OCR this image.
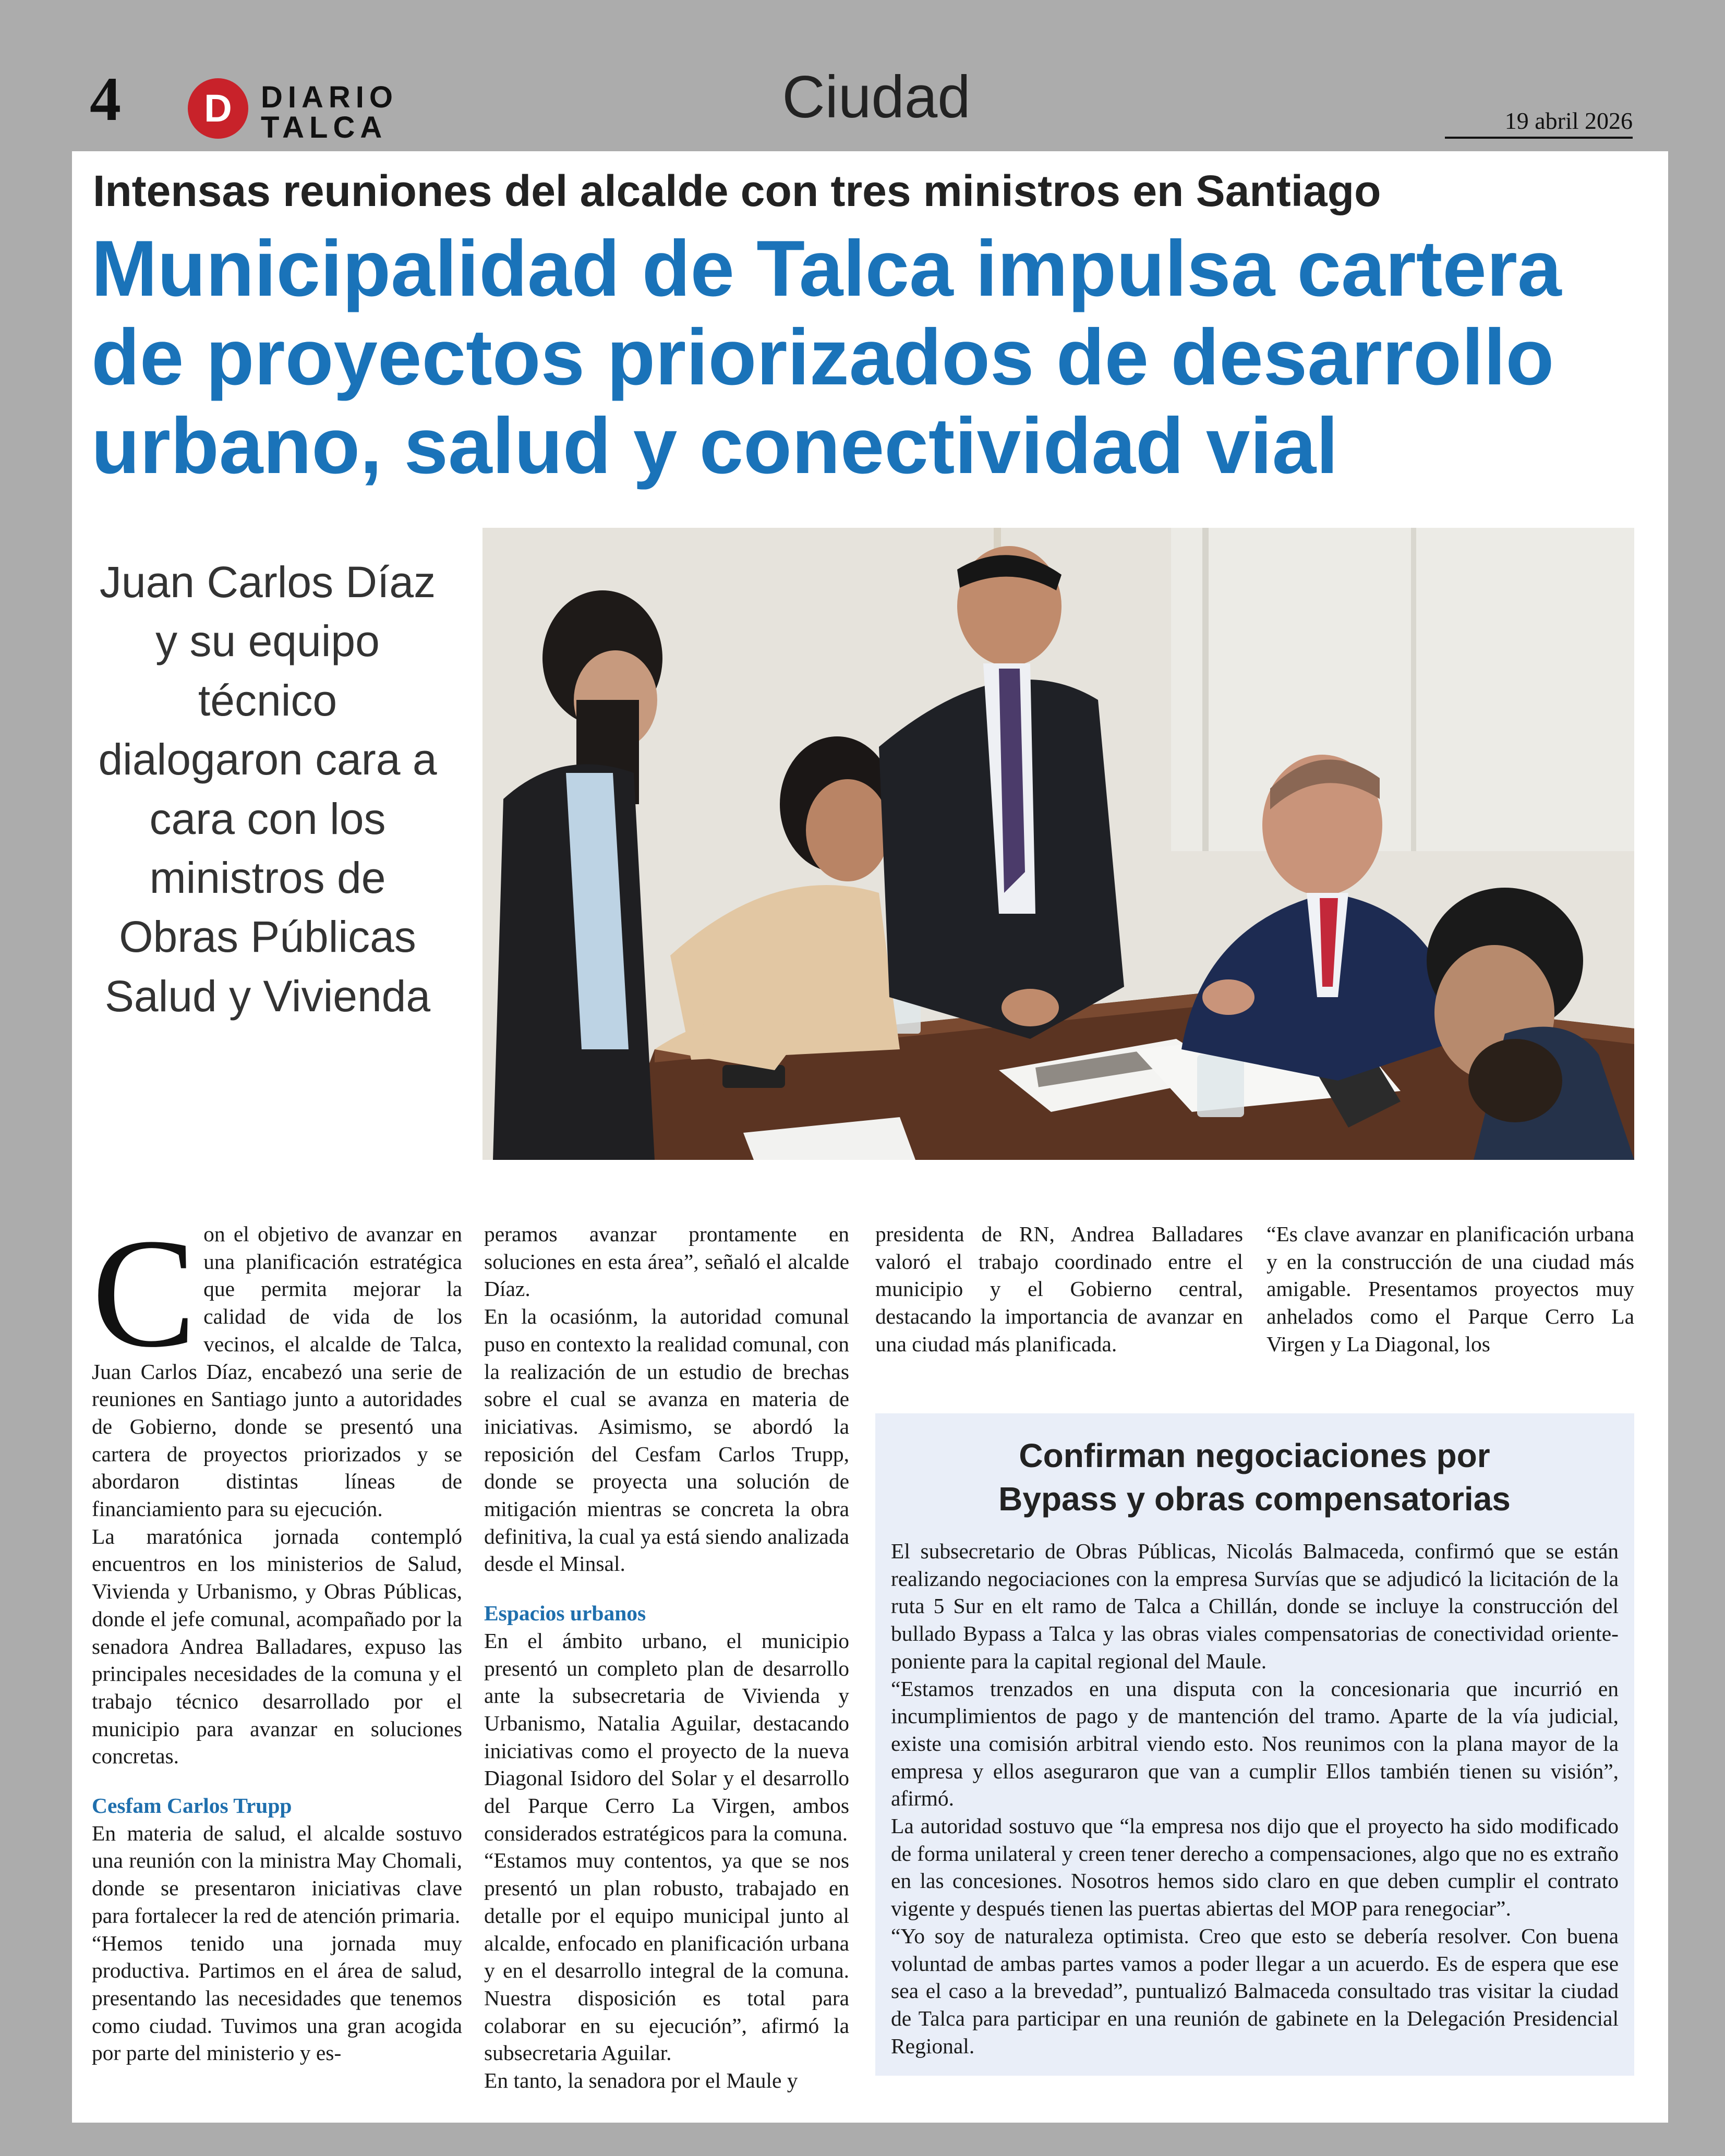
4	D DIARIO
TALCA	Ciudad	19 abril 2026
Intensas reuniones del alcalde con tres ministros en Santiago
Municipalidad de Talca impulsa cartera de proyectos priorizados de desarrollo urbano, salud y conectividad vial
Juan Carlos Díaz y su equipo técnico dialogaron cara a cara con los ministros de Obras Públicas Salud y Vivienda

Con el objetivo de avanzar en una planificación estratégica que permita mejorar la calidad de vida de los vecinos, el alcalde de Talca, Juan Carlos Díaz, encabezó una serie de reuniones en Santiago junto a autoridades de Gobierno, donde se presentó una cartera de proyectos priorizados y se abordaron distintas líneas de financiamiento para su ejecución.

La maratónica jornada contempló encuentros en los ministerios de Salud, Vivienda y Urbanismo, y Obras Públicas, donde el jefe comunal, acompañado por la senadora Andrea Balladares, expuso las principales necesidades de la comuna y el trabajo técnico desarrollado por el municipio para avanzar en soluciones concretas.

Cesfam Carlos Trupp

En materia de salud, el alcalde sostuvo una reunión con la ministra May Chomali, donde se presentaron iniciativas clave para fortalecer la red de atención primaria.

“Hemos tenido una jornada muy productiva. Partimos en el área de salud, presentando las necesidades que tenemos como ciudad. Tuvimos una gran acogida por parte del ministerio y es-

peramos avanzar prontamente en soluciones en esta área”, señaló el alcalde Díaz.

En la ocasiónm, la autoridad comunal puso en contexto la realidad comunal, con la realización de un estudio de brechas sobre el cual se avanza en materia de iniciativas. Asimismo, se abordó la reposición del Cesfam Carlos Trupp, donde se proyecta una solución de mitigación mientras se concreta la obra definitiva, la cual ya está siendo analizada desde el Minsal.

Espacios urbanos

En el ámbito urbano, el municipio presentó un completo plan de desarrollo ante la subsecretaria de Vivienda y Urbanismo, Natalia Aguilar, destacando iniciativas como el proyecto de la nueva Diagonal Isidoro del Solar y el desarrollo del Parque Cerro La Virgen, ambos considerados estratégicos para la comuna.

“Estamos muy contentos, ya que se nos presentó un plan robusto, trabajado en detalle por el equipo municipal junto al alcalde, enfocado en planificación urbana y en el desarrollo integral de la comuna. Nuestra disposición es total para colaborar en su ejecución”, afirmó la subsecretaria Aguilar.

En tanto, la senadora por el Maule y

presidenta de RN, Andrea Balladares valoró el trabajo coordinado entre el municipio y el Gobierno central, destacando la importancia de avanzar en una ciudad más planificada.

“Es clave avanzar en planificación urbana y en la construcción de una ciudad más amigable. Presentamos proyectos muy anhelados como el Parque Cerro La Virgen y La Diagonal, los

Confirman negociaciones por
Bypass y obras compensatorias

El subsecretario de Obras Públicas, Nicolás Balmaceda, confirmó que se están realizando negociaciones con la empresa Survías que se adjudicó la licitación de la ruta 5 Sur en elt ramo de Talca a Chillán, donde se incluye la construcción del bullado Bypass a Talca y las obras viales compensatorias de conectividad oriente-poniente para la capital regional del Maule.

“Estamos trenzados en una disputa con la concesionaria que incurrió en incumplimientos de pago y de mantención del tramo. Aparte de la vía judicial, existe una comisión arbitral viendo esto. Nos reunimos con la plana mayor de la empresa y ellos aseguraron que van a cumplir Ellos también tienen su visión”, afirmó.

La autoridad sostuvo que “la empresa nos dijo que el proyecto ha sido modificado de forma unilateral y creen tener derecho a compensaciones, algo que no es extraño en las concesiones. Nosotros hemos sido claro en que deben cumplir el contrato vigente y después tienen las puertas abiertas del MOP para renegociar”.

“Yo soy de naturaleza optimista. Creo que esto se debería resolver. Con buena voluntad de ambas partes vamos a poder llegar a un acuerdo. Es de espera que ese sea el caso a la brevedad”, puntualizó Balmaceda consultado tras visitar la ciudad de Talca para participar en una reunión de gabinete en la Delegación Presidencial Regional.
